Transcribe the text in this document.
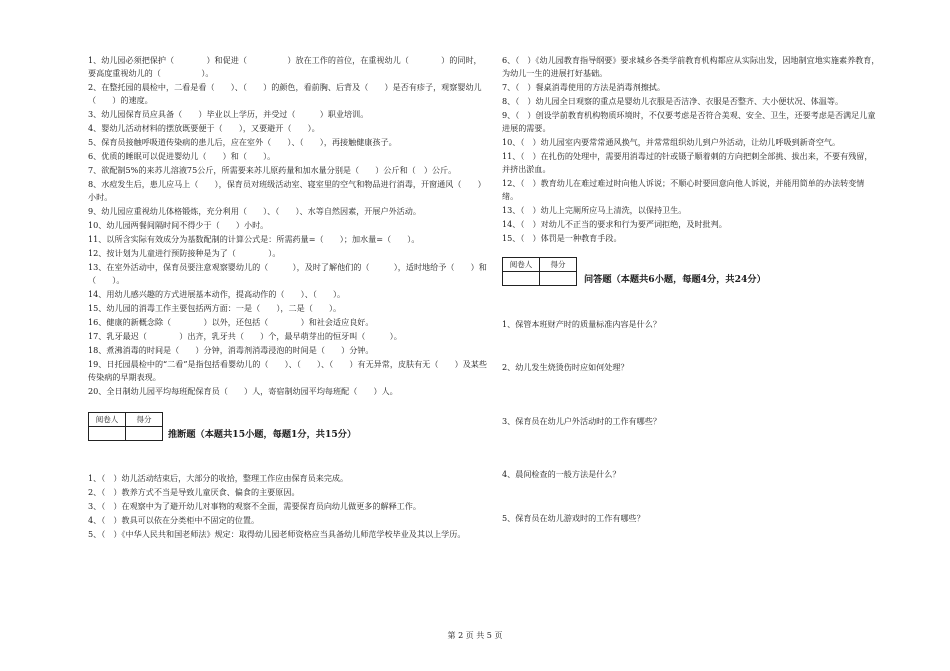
1、幼儿园必须把保护（　　　　）和促进（　　　　　）放在工作的首位，在重视幼儿（　　　　）的同时，要高度重视幼儿的（　　　　　）。

2、在整托园的晨检中，二看是看（　　）、（　　）的颜色，看前胸、后背及（　　）是否有疹子，观察婴幼儿（　　）的速度。

3、幼儿园保育员应具备（　　）毕业以上学历，并受过（　　　）职业培训。

4、婴幼儿活动材料的摆放既要便于（　　），又要避开（　　）。

5、保育员接触呼吸道传染病的患儿后，应在室外（　　）、（　　），再接触健康孩子。

6、优质的睡眠可以促进婴幼儿（　　）和（　　）。

7、欲配制5%的来苏儿溶液75公斤，所需要来苏儿原药量和加水量分别是（　　）公斤和（　）公斤。

8、水痘发生后，患儿应马上（　　），保育员对班级活动室、寝室里的空气和物品进行消毒，开窗通风（　　）小时。

9、幼儿园应重视幼儿体格锻炼，充分利用（　　）、（　　）、水等自然因素，开展户外活动。

10、幼儿园两餐间隔时间不得少于（　　）小时。

11、以所含实际有效成分为基数配制的计算公式是：所需药量=（　　）；加水量=（　　）。

12、按计划为儿童进行预防接种是为了（　　　　）。

13、在室外活动中，保育员要注意观察婴幼儿的（　　　），及时了解他们的（　　　），适时地给予（　　）和（　　）。

14、用幼儿感兴趣的方式进展基本动作，提高动作的（　　）、（　　）。

15、幼儿园的消毒工作主要包括两方面：一是（　　），二是（　　）。

16、健康的新概念除（　　　　）以外，还包括（　　　　）和社会适应良好。

17、乳牙最迟（　　　　）出齐，乳牙共（　　）个，最早萌芽出的恒牙叫（　　　）。

18、煮沸消毒的时间是（　　）分钟，消毒剂消毒浸泡的时间是（　　）分钟。

19、日托园晨检中的“二看”是指包括看婴幼儿的（　　）、（　　）、（　　）有无异常，皮肤有无（　　）及某些传染病的早期表现。

20、全日制幼儿园平均每班配保育员（　　）人，寄宿制幼园平均每班配（　　）人。

阅卷人	得分

推断题（本题共15小题，每题1分，共15分）

1、（　）幼儿活动结束后，大部分的收拾，整理工作应由保育员来完成。

2、（　）教养方式不当是导致儿童厌食、偏食的主要原因。

3、（　）在观察中为了避开幼儿对事物的观察不全面，需要保育员向幼儿做更多的解释工作。

4、（　）教具可以依在分类柜中不固定的位置。

5、（　）《中华人民共和国老师法》规定：取得幼儿园老师资格应当具备幼儿师范学校毕业及其以上学历。

6、（　）《幼儿园教育指导纲要》要求城乡各类学前教育机构都应从实际出发，因地制宜地实施素养教育，为幼儿一生的进展打好基础。

7、（　）餐桌消毒使用的方法是消毒剂擦拭。

8、（　）幼儿园全日观察的重点是婴幼儿衣服是否洁净、衣服是否整齐、大小便状况、体温等。

9、（　）创设学前教育机构物质环境时，不仅要考虑是否符合美观、安全、卫生，还要考虑是否满足儿童进展的需要。

10、（　）幼儿园室内要常常通风换气，并常常组织幼儿到户外活动，让幼儿呼吸到新奇空气。

11、（　）在扎伤的处理中，需要用消毒过的针或镊子顺着刺的方向把刺全部挑、拔出来，不要有残留，并挤出淤血。

12、（　）教育幼儿在难过难过时向他人诉说；不顺心时要回意向他人诉说，并能用简单的办法转变情绪。

13、（　）幼儿上完厕所应马上清洗，以保持卫生。

14、（　）对幼儿不正当的要求和行为要严词拒绝，及时批判。

15、（　）体罚是一种教育手段。

阅卷人	得分

问答题（本题共6小题，每题4分，共24分）

1、保管本班财产时的质量标准内容是什么？

2、幼儿发生烧烫伤时应如何处理？

3、保育员在幼儿户外活动时的工作有哪些？

4、晨间检查的一般方法是什么？

5、保育员在幼儿游戏时的工作有哪些？

第 2 页 共 5 页
